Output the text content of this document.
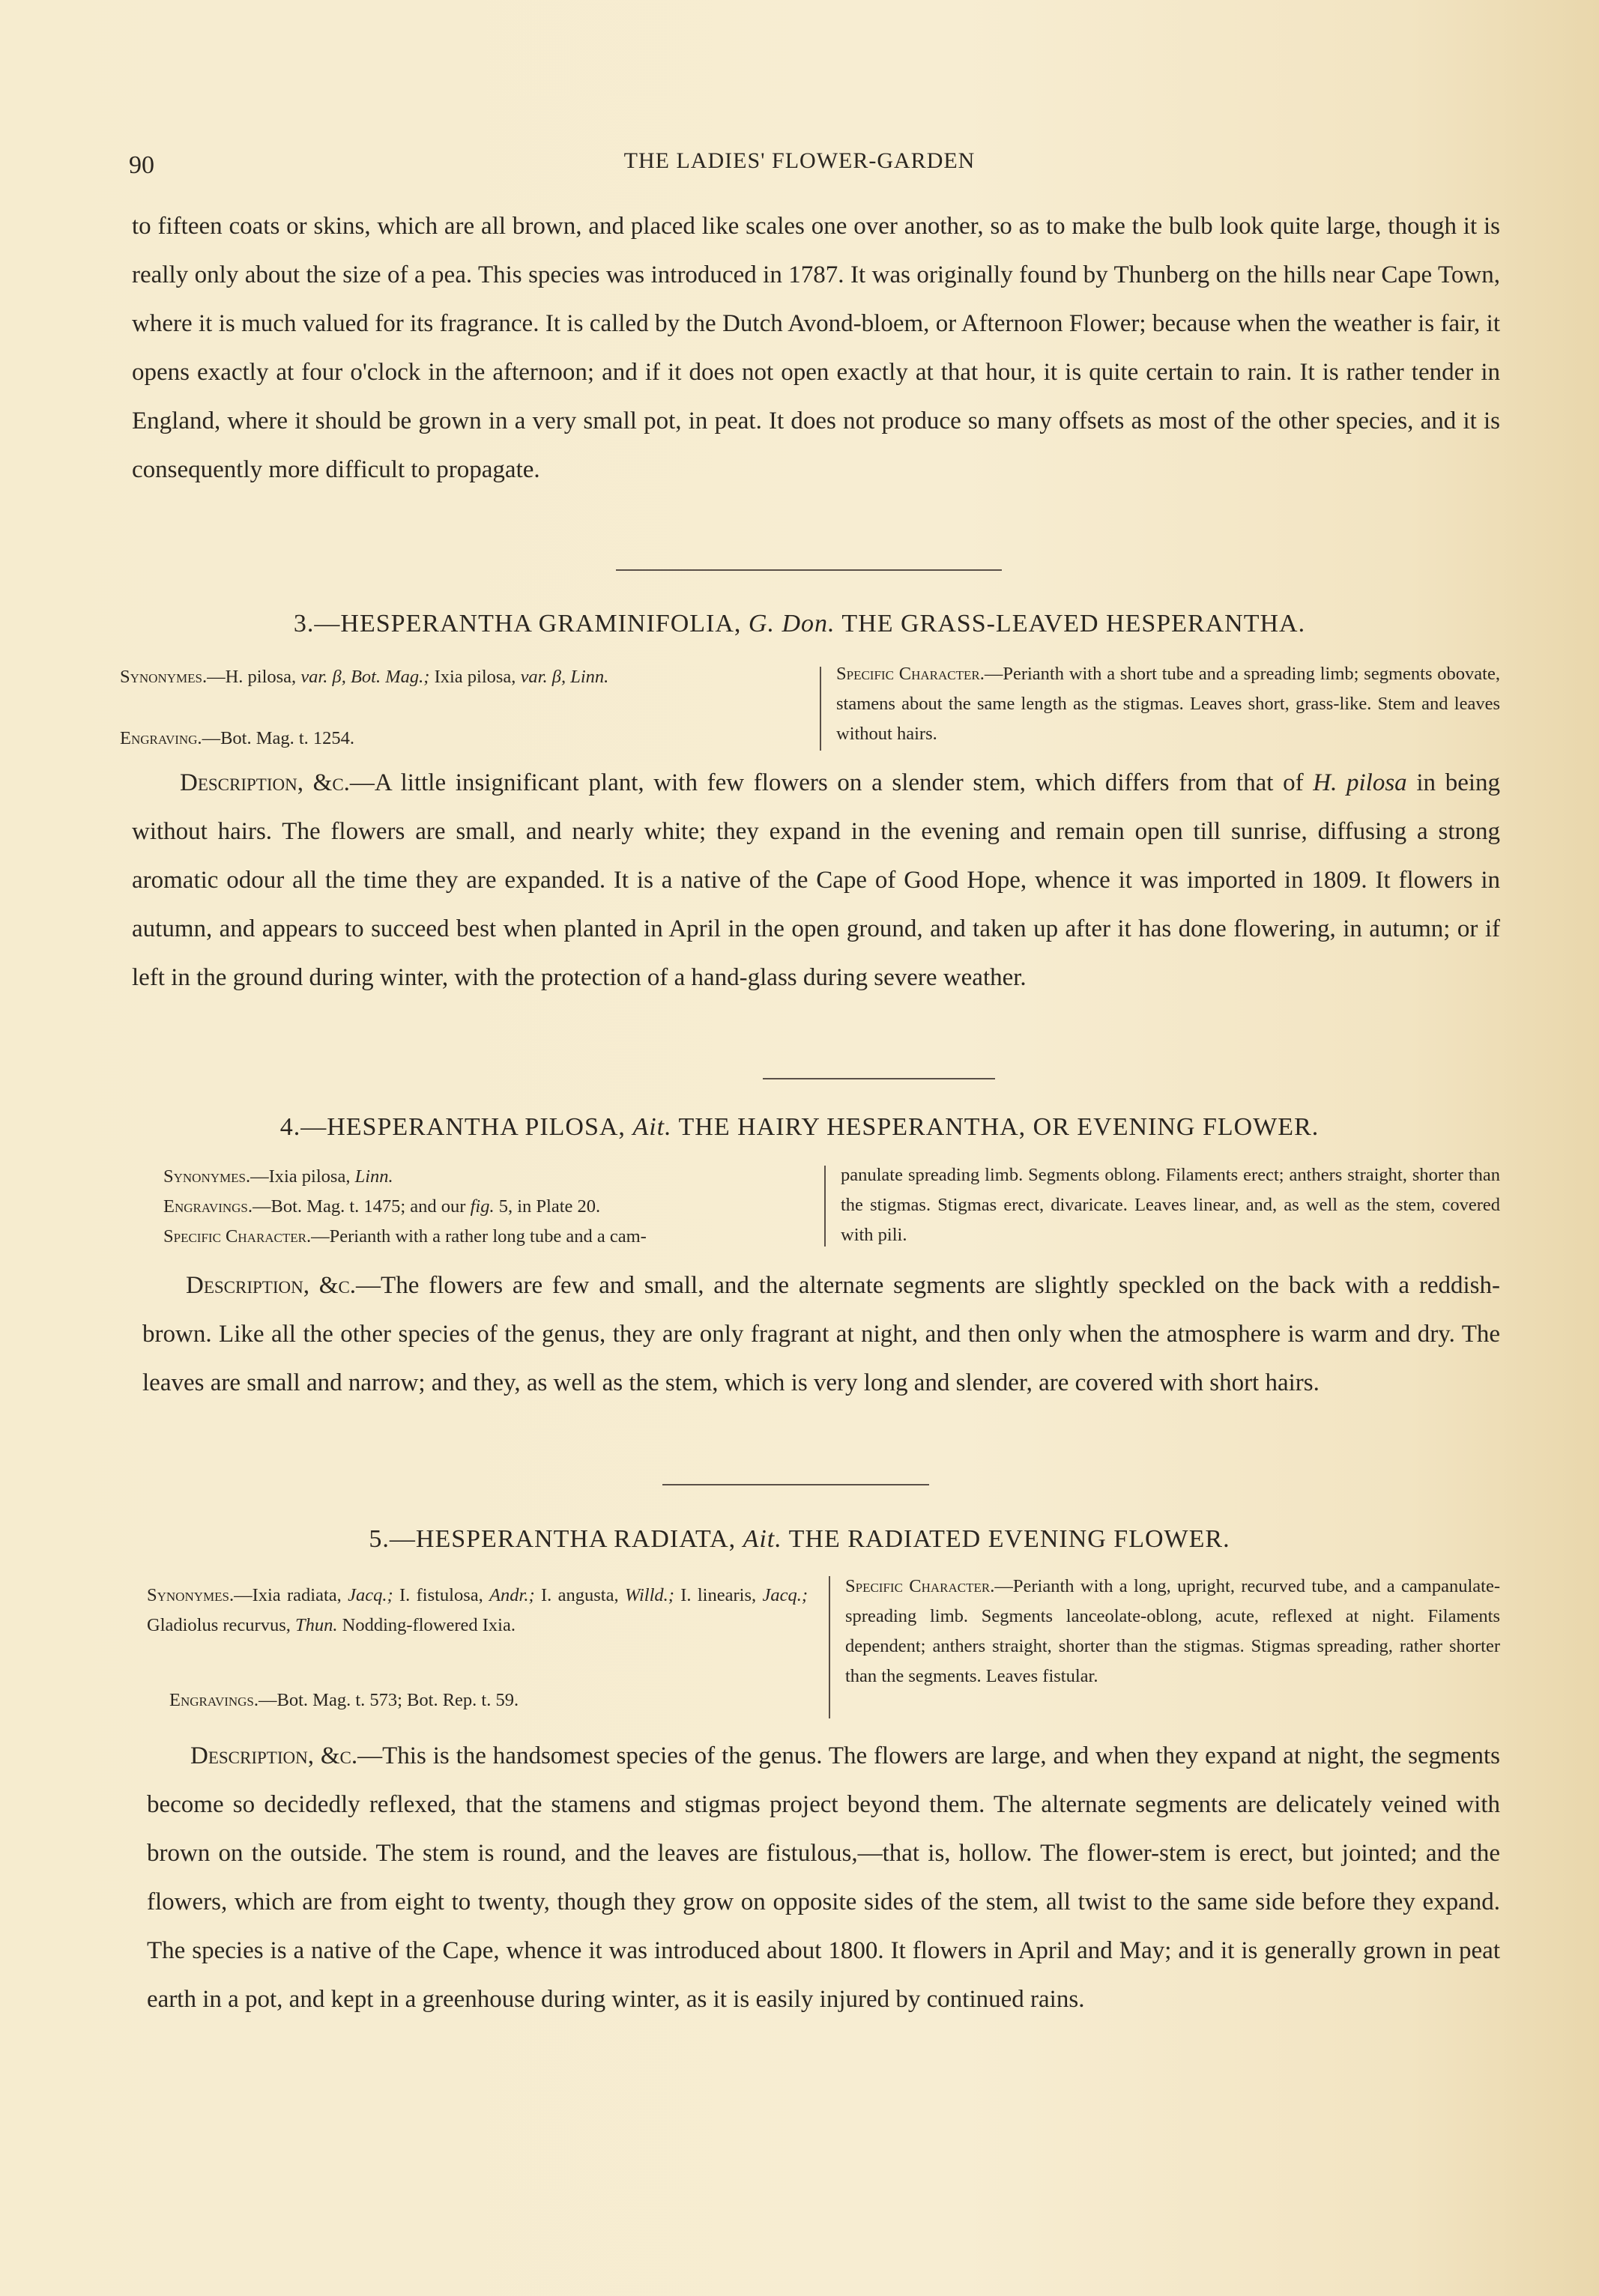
90	THE LADIES' FLOWER-GARDEN
to fifteen coats or skins, which are all brown, and placed like scales one over another, so as to make the bulb look quite large, though it is really only about the size of a pea. This species was introduced in 1787. It was originally found by Thunberg on the hills near Cape Town, where it is much valued for its fragrance. It is called by the Dutch Avond-bloem, or Afternoon Flower; because when the weather is fair, it opens exactly at four o'clock in the afternoon; and if it does not open exactly at that hour, it is quite certain to rain. It is rather tender in England, where it should be grown in a very small pot, in peat. It does not produce so many offsets as most of the other species, and it is consequently more difficult to propagate.
3.—HESPERANTHA GRAMINIFOLIA, G. Don. THE GRASS-LEAVED HESPERANTHA.
Synonymes.—H. pilosa, var. β, Bot. Mag.; Ixia pilosa, var. β, Linn.
Engraving.—Bot. Mag. t. 1254.
Specific Character.—Perianth with a short tube and a spreading limb; segments obovate, stamens about the same length as the stigmas. Leaves short, grass-like. Stem and leaves without hairs.
Description, &c.—A little insignificant plant, with few flowers on a slender stem, which differs from that of H. pilosa in being without hairs. The flowers are small, and nearly white; they expand in the evening and remain open till sunrise, diffusing a strong aromatic odour all the time they are expanded. It is a native of the Cape of Good Hope, whence it was imported in 1809. It flowers in autumn, and appears to succeed best when planted in April in the open ground, and taken up after it has done flowering, in autumn; or if left in the ground during winter, with the protection of a hand-glass during severe weather.
4.—HESPERANTHA PILOSA, Ait. THE HAIRY HESPERANTHA, OR EVENING FLOWER.
Synonymes.—Ixia pilosa, Linn.
Engravings.—Bot. Mag. t. 1475; and our fig. 5, in Plate 20.
Specific Character.—Perianth with a rather long tube and a cam-
panulate spreading limb. Segments oblong. Filaments erect; anthers straight, shorter than the stigmas. Stigmas erect, divaricate. Leaves linear, and, as well as the stem, covered with pili.
Description, &c.—The flowers are few and small, and the alternate segments are slightly speckled on the back with a reddish-brown. Like all the other species of the genus, they are only fragrant at night, and then only when the atmosphere is warm and dry. The leaves are small and narrow; and they, as well as the stem, which is very long and slender, are covered with short hairs.
5.—HESPERANTHA RADIATA, Ait. THE RADIATED EVENING FLOWER.
Synonymes.—Ixia radiata, Jacq.; I. fistulosa, Andr.; I. angusta, Willd.; I. linearis, Jacq.; Gladiolus recurvus, Thun. Nodding-flowered Ixia.
Engravings.—Bot. Mag. t. 573; Bot. Rep. t. 59.
Specific Character.—Perianth with a long, upright, recurved tube, and a campanulate-spreading limb. Segments lanceolate-oblong, acute, reflexed at night. Filaments dependent; anthers straight, shorter than the stigmas. Stigmas spreading, rather shorter than the segments. Leaves fistular.
Description, &c.—This is the handsomest species of the genus. The flowers are large, and when they expand at night, the segments become so decidedly reflexed, that the stamens and stigmas project beyond them. The alternate segments are delicately veined with brown on the outside. The stem is round, and the leaves are fistulous,—that is, hollow. The flower-stem is erect, but jointed; and the flowers, which are from eight to twenty, though they grow on opposite sides of the stem, all twist to the same side before they expand. The species is a native of the Cape, whence it was introduced about 1800. It flowers in April and May; and it is generally grown in peat earth in a pot, and kept in a greenhouse during winter, as it is easily injured by continued rains.
